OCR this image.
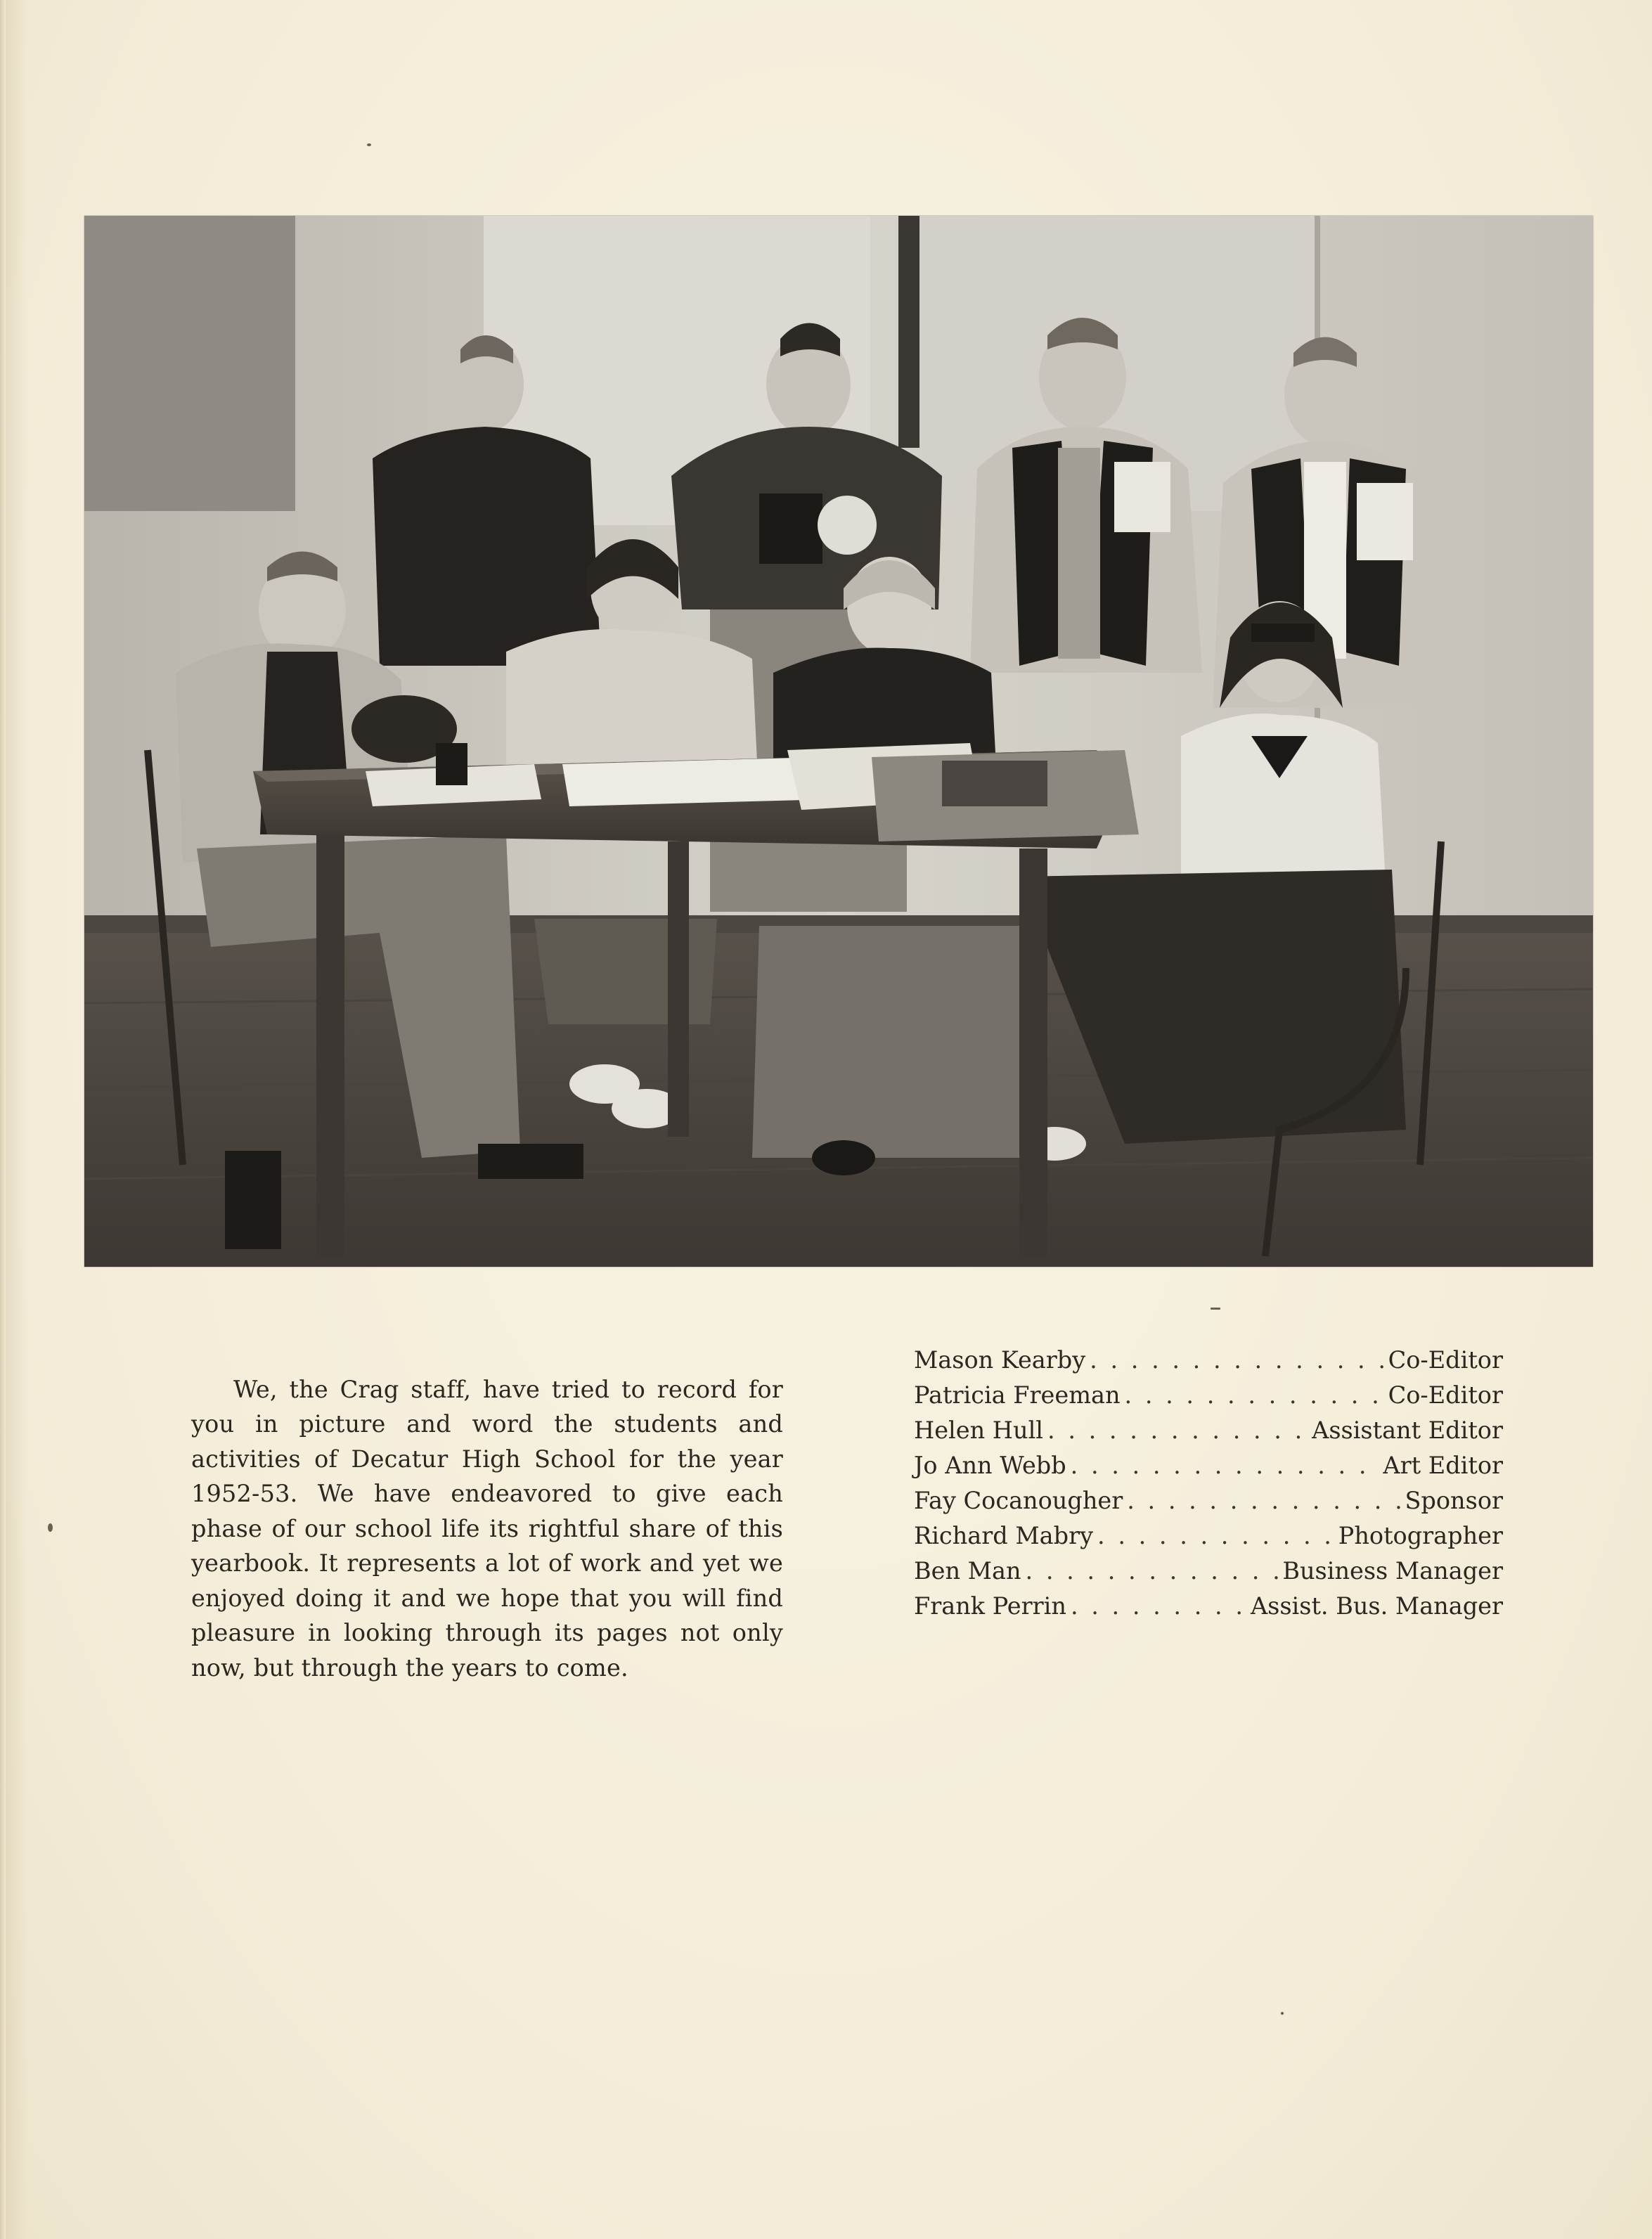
We, the Crag staff, have tried to record for you in picture and word the students and activities of Decatur High School for the year 1952-53. We have endeavored to give each phase of our school life its rightful share of this yearbook. It represents a lot of work and yet we enjoyed doing it and we hope that you will find pleasure in looking through its pages not only now, but through the years to come.

Mason Kearby . . .	Co-Editor
Patricia Freeman . . .	Co-Editor
Helen Hull . . .	Assistant Editor
Jo Ann Webb . . .	Art Editor
Fay Cocanougher . . .	Sponsor
Richard Mabry . . .	Photographer
Ben Man . . .	Business Manager
Frank Perrin . . .	Assist. Bus. Manager
